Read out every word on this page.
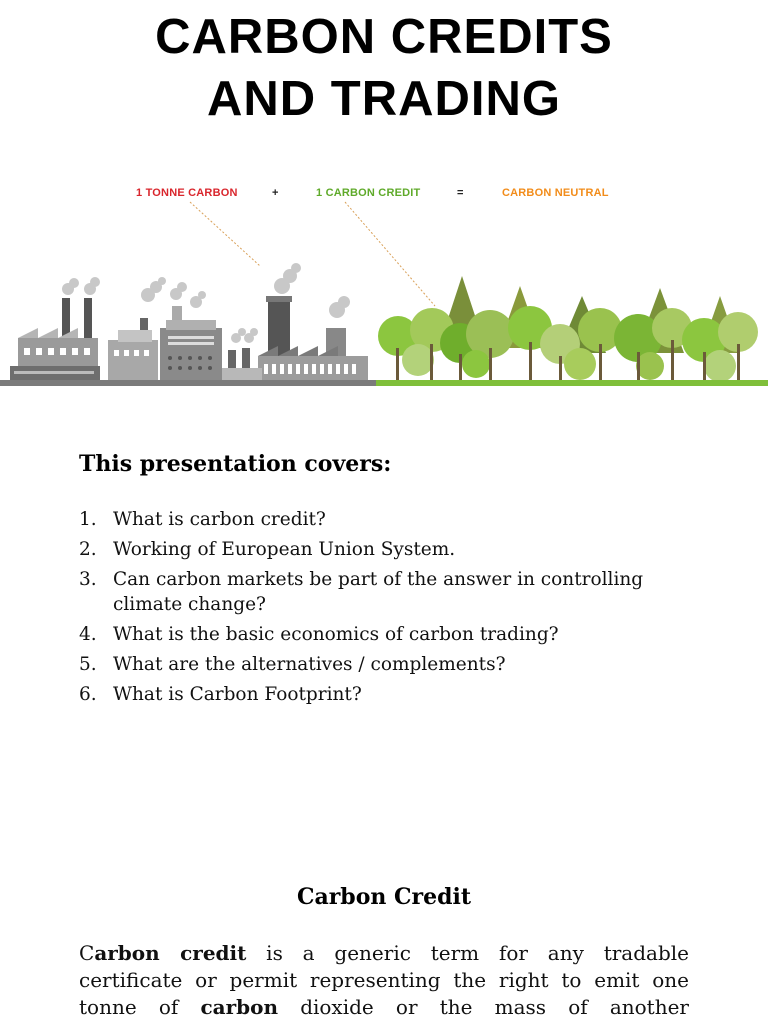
CARBON CREDITS
AND TRADING
1 TONNE CARBON	+	1 CARBON CREDIT	=	CARBON NEUTRAL
This presentation covers:
1. What is carbon credit?
2. Working of European Union System.
3. Can carbon markets be part of the answer in controlling climate change?
4. What is the basic economics of carbon trading?
5. What are the alternatives / complements?
6. What is Carbon Footprint?
Carbon Credit
Carbon credit is a generic term for any tradable certificate or permit representing the right to emit one tonne of carbon dioxide or the mass of another
